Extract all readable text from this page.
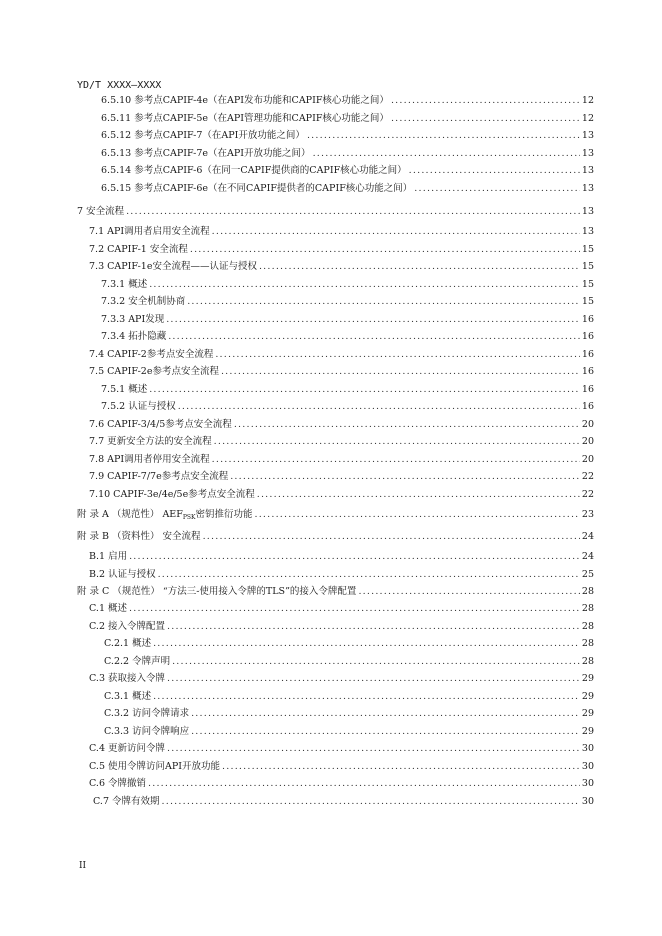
YD/T XXXX—XXXX
6.5.10 参考点CAPIF-4e（在API发布功能和CAPIF核心功能之间） .....	12
6.5.11 参考点CAPIF-5e（在API管理功能和CAPIF核心功能之间） .....	12
6.5.12 参考点CAPIF-7（在API开放功能之间） .....	13
6.5.13 参考点CAPIF-7e（在API开放功能之间） .....	13
6.5.14 参考点CAPIF-6（在同一CAPIF提供商的CAPIF核心功能之间） .....	13
6.5.15 参考点CAPIF-6e（在不同CAPIF提供者的CAPIF核心功能之间） .....	13
7 安全流程 .....	13
7.1 API调用者启用安全流程 .....	13
7.2 CAPIF-1 安全流程 .....	15
7.3 CAPIF-1e安全流程——认证与授权 .....	15
7.3.1 概述 .....	15
7.3.2 安全机制协商 .....	15
7.3.3 API发现 .....	16
7.3.4 拓扑隐藏 .....	16
7.4 CAPIF-2参考点安全流程 .....	16
7.5 CAPIF-2e参考点安全流程 .....	16
7.5.1 概述 .....	16
7.5.2 认证与授权 .....	16
7.6 CAPIF-3/4/5参考点安全流程 .....	20
7.7 更新安全方法的安全流程 .....	20
7.8 API调用者停用安全流程 .....	20
7.9 CAPIF-7/7e参考点安全流程 .....	22
7.10 CAPIF-3e/4e/5e参考点安全流程 .....	22
附 录 A （规范性） $AEF_{PSK}$密钥推衍功能 .....	23
附 录 B （资料性） 安全流程 .....	24
B.1 启用 .....	24
B.2 认证与授权 .....	25
附 录 C （规范性） “方法三-使用接入令牌的TLS”的接入令牌配置 .....	28
C.1 概述 .....	28
C.2 接入令牌配置 .....	28
C.2.1 概述 .....	28
C.2.2 令牌声明 .....	28
C.3 获取接入令牌 .....	29
C.3.1 概述 .....	29
C.3.2 访问令牌请求 .....	29
C.3.3 访问令牌响应 .....	29
C.4 更新访问令牌 .....	30
C.5 使用令牌访问API开放功能 .....	30
C.6 令牌撤销 .....	30
C.7 令牌有效期 .....	30
II
